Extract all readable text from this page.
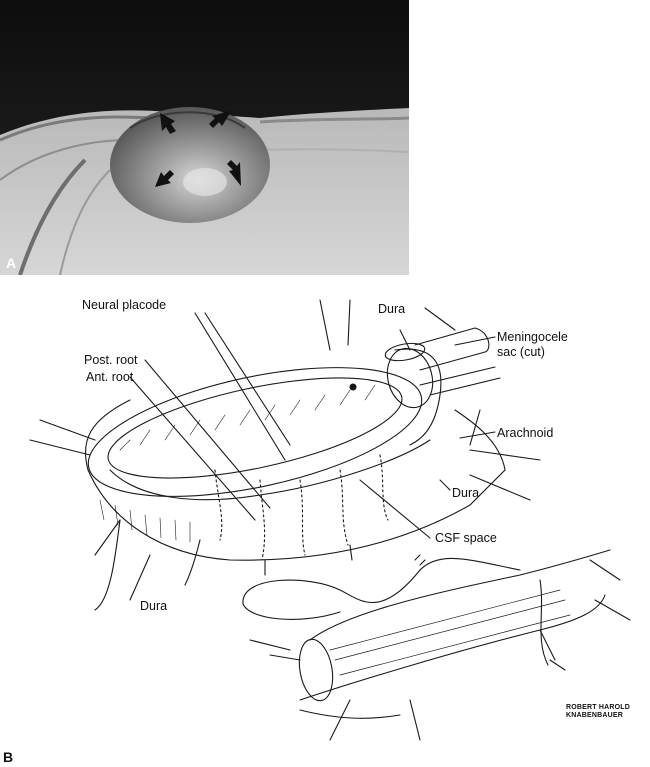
A
Neural placode	Dura
Meningocele
sac (cut)
Post. root
Ant. root
Arachnoid
Dura
CSF space
Dura
ROBERT HAROLD
KNABENBAUER
B
